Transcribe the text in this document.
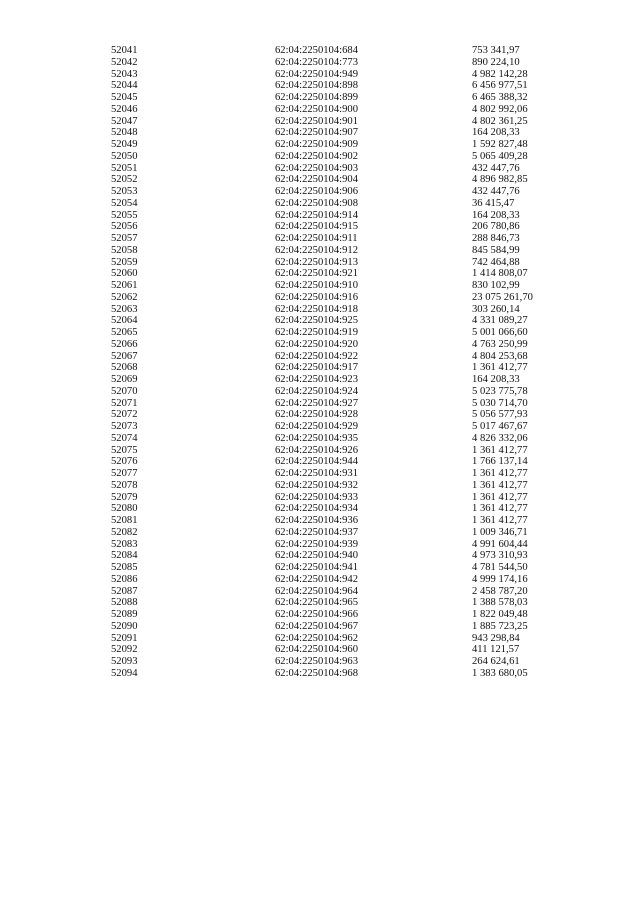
52041	62:04:2250104:684	753 341,97
52042	62:04:2250104:773	890 224,10
52043	62:04:2250104:949	4 982 142,28
52044	62:04:2250104:898	6 456 977,51
52045	62:04:2250104:899	6 465 388,32
52046	62:04:2250104:900	4 802 992,06
52047	62:04:2250104:901	4 802 361,25
52048	62:04:2250104:907	164 208,33
52049	62:04:2250104:909	1 592 827,48
52050	62:04:2250104:902	5 065 409,28
52051	62:04:2250104:903	432 447,76
52052	62:04:2250104:904	4 896 982,85
52053	62:04:2250104:906	432 447,76
52054	62:04:2250104:908	36 415,47
52055	62:04:2250104:914	164 208,33
52056	62:04:2250104:915	206 780,86
52057	62:04:2250104:911	288 846,73
52058	62:04:2250104:912	845 584,99
52059	62:04:2250104:913	742 464,88
52060	62:04:2250104:921	1 414 808,07
52061	62:04:2250104:910	830 102,99
52062	62:04:2250104:916	23 075 261,70
52063	62:04:2250104:918	303 260,14
52064	62:04:2250104:925	4 331 089,27
52065	62:04:2250104:919	5 001 066,60
52066	62:04:2250104:920	4 763 250,99
52067	62:04:2250104:922	4 804 253,68
52068	62:04:2250104:917	1 361 412,77
52069	62:04:2250104:923	164 208,33
52070	62:04:2250104:924	5 023 775,78
52071	62:04:2250104:927	5 030 714,70
52072	62:04:2250104:928	5 056 577,93
52073	62:04:2250104:929	5 017 467,67
52074	62:04:2250104:935	4 826 332,06
52075	62:04:2250104:926	1 361 412,77
52076	62:04:2250104:944	1 766 137,14
52077	62:04:2250104:931	1 361 412,77
52078	62:04:2250104:932	1 361 412,77
52079	62:04:2250104:933	1 361 412,77
52080	62:04:2250104:934	1 361 412,77
52081	62:04:2250104:936	1 361 412,77
52082	62:04:2250104:937	1 009 346,71
52083	62:04:2250104:939	4 991 604,44
52084	62:04:2250104:940	4 973 310,93
52085	62:04:2250104:941	4 781 544,50
52086	62:04:2250104:942	4 999 174,16
52087	62:04:2250104:964	2 458 787,20
52088	62:04:2250104:965	1 388 578,03
52089	62:04:2250104:966	1 822 049,48
52090	62:04:2250104:967	1 885 723,25
52091	62:04:2250104:962	943 298,84
52092	62:04:2250104:960	411 121,57
52093	62:04:2250104:963	264 624,61
52094	62:04:2250104:968	1 383 680,05
